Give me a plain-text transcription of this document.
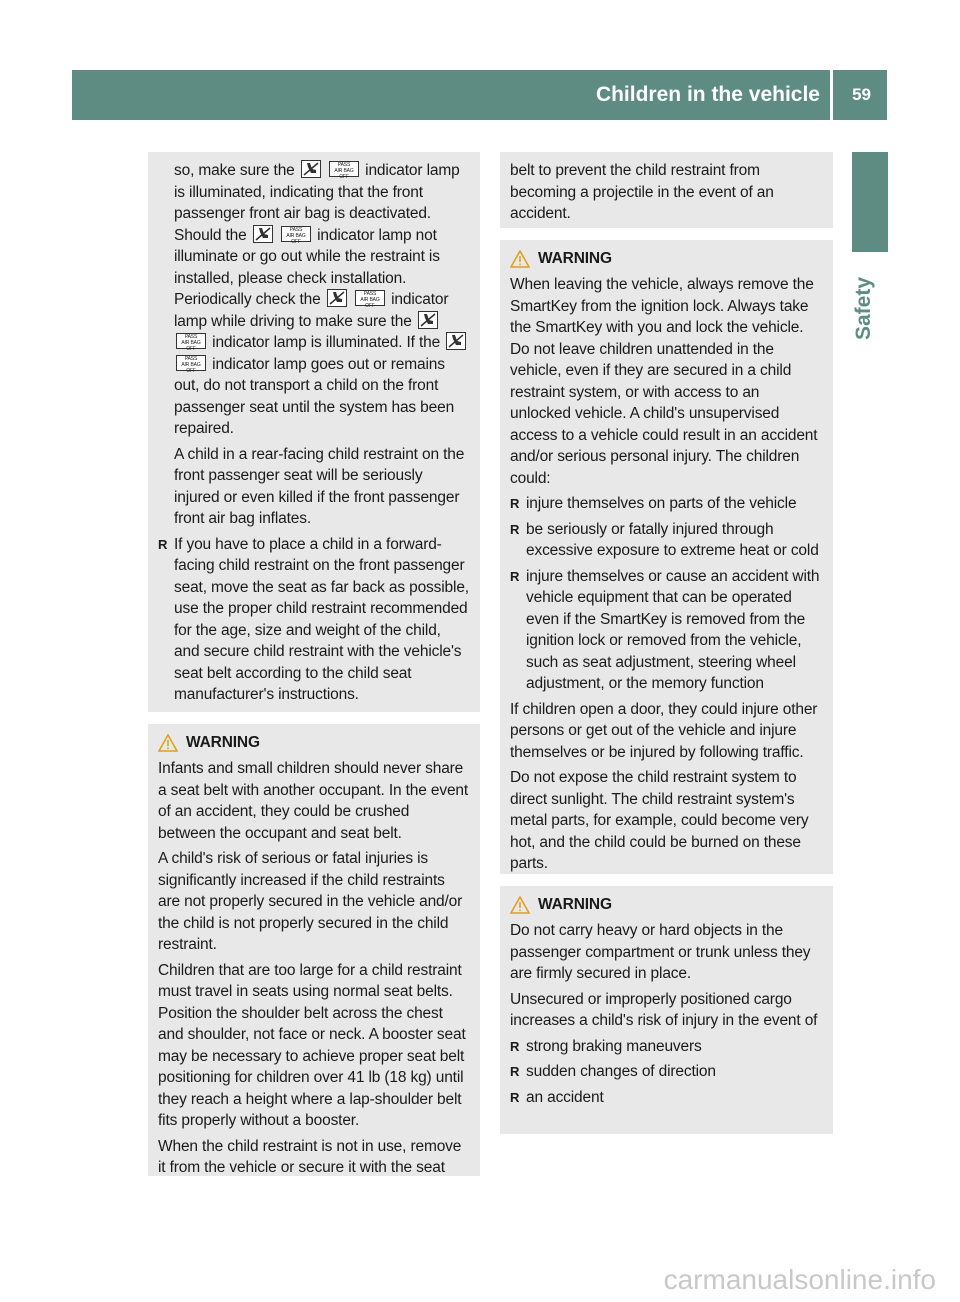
Children in the vehicle 59
Safety

so, make sure the	PASS
AIR BAG OFF indicator lamp is illuminated, indicating that the front passenger front air bag is deactivated. Should the	PASS
AIR BAG OFF indicator lamp not illuminate or go out while the restraint is installed, please check installation. Periodically check the	PASS
AIR BAG OFF indicator lamp while driving to make sure the  PASS
AIR BAG OFF indicator lamp is illuminated. If the  PASS
AIR BAG OFF indicator lamp goes out or remains out, do not transport a child on the front passenger seat until the system has been repaired.

A child in a rear-facing child restraint on the front passenger seat will be seriously injured or even killed if the front passenger front air bag inflates.

R If you have to place a child in a forward-facing child restraint on the front passenger seat, move the seat as far back as possible, use the proper child restraint recommended for the age, size and weight of the child, and secure child restraint with the vehicle's seat belt according to the child seat manufacturer's instructions.
WARNING

Infants and small children should never share a seat belt with another occupant. In the event of an accident, they could be crushed between the occupant and seat belt.

A child's risk of serious or fatal injuries is significantly increased if the child restraints are not properly secured in the vehicle and/or the child is not properly secured in the child restraint.

Children that are too large for a child restraint must travel in seats using normal seat belts. Position the shoulder belt across the chest and shoulder, not face or neck. A booster seat may be necessary to achieve proper seat belt positioning for children over 41 lb (18 kg) until they reach a height where a lap-shoulder belt fits properly without a booster.

When the child restraint is not in use, remove it from the vehicle or secure it with the seat

belt to prevent the child restraint from becoming a projectile in the event of an accident.

WARNING

When leaving the vehicle, always remove the SmartKey from the ignition lock. Always take the SmartKey with you and lock the vehicle. Do not leave children unattended in the vehicle, even if they are secured in a child restraint system, or with access to an unlocked vehicle. A child's unsupervised access to a vehicle could result in an accident and/or serious personal injury. The children could:

R injure themselves on parts of the vehicle
R be seriously or fatally injured through excessive exposure to extreme heat or cold
R injure themselves or cause an accident with vehicle equipment that can be operated even if the SmartKey is removed from the ignition lock or removed from the vehicle, such as seat adjustment, steering wheel adjustment, or the memory function

If children open a door, they could injure other persons or get out of the vehicle and injure themselves or be injured by following traffic.

Do not expose the child restraint system to direct sunlight. The child restraint system's metal parts, for example, could become very hot, and the child could be burned on these parts.

WARNING

Do not carry heavy or hard objects in the passenger compartment or trunk unless they are firmly secured in place.

Unsecured or improperly positioned cargo increases a child's risk of injury in the event of

R strong braking maneuvers
R sudden changes of direction
R an accident
carmanualsonline.info
